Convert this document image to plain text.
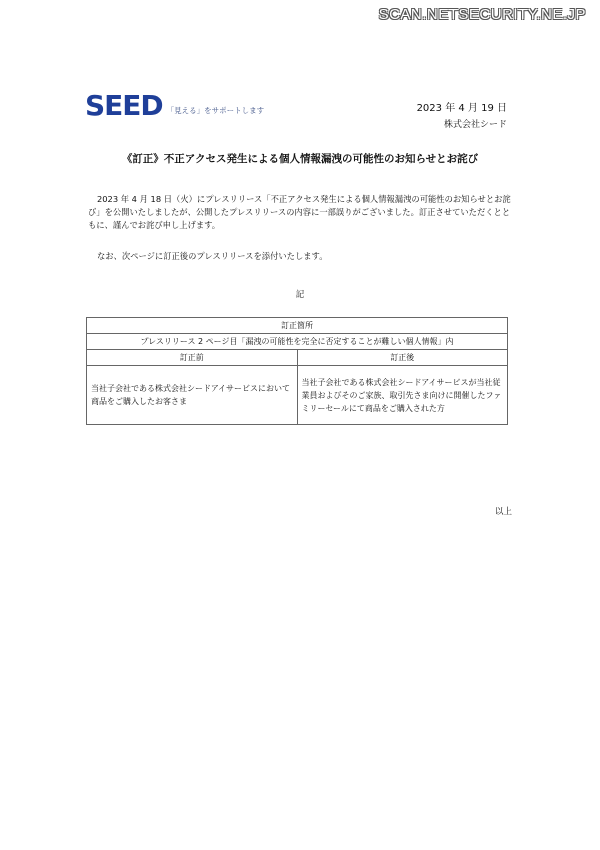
SCAN.NETSECURITY.NE.JP
SEED 「見える」をサポートします	2023 年 4 月 19 日
株式会社シード
《訂正》不正アクセス発生による個人情報漏洩の可能性のお知らせとお詫び
2023 年 4 月 18 日（火）にプレスリリース「不正アクセス発生による個人情報漏洩の可能性のお知らせとお詫び」を公開いたしましたが、公開したプレスリリースの内容に一部誤りがございました。訂正させていただくとともに、謹んでお詫び申し上げます。
なお、次ページに訂正後のプレスリリースを添付いたします。
記
訂正箇所	
プレスリリース 2 ページ目「漏洩の可能性を完全に否定することが難しい個人情報」内	
訂正前	訂正後
当社子会社である株式会社シードアイサービスにおいて商品をご購入したお客さま	当社子会社である株式会社シードアイサービスが当社従業員およびそのご家族、取引先さま向けに開催したファミリーセールにて商品をご購入された方
以上
